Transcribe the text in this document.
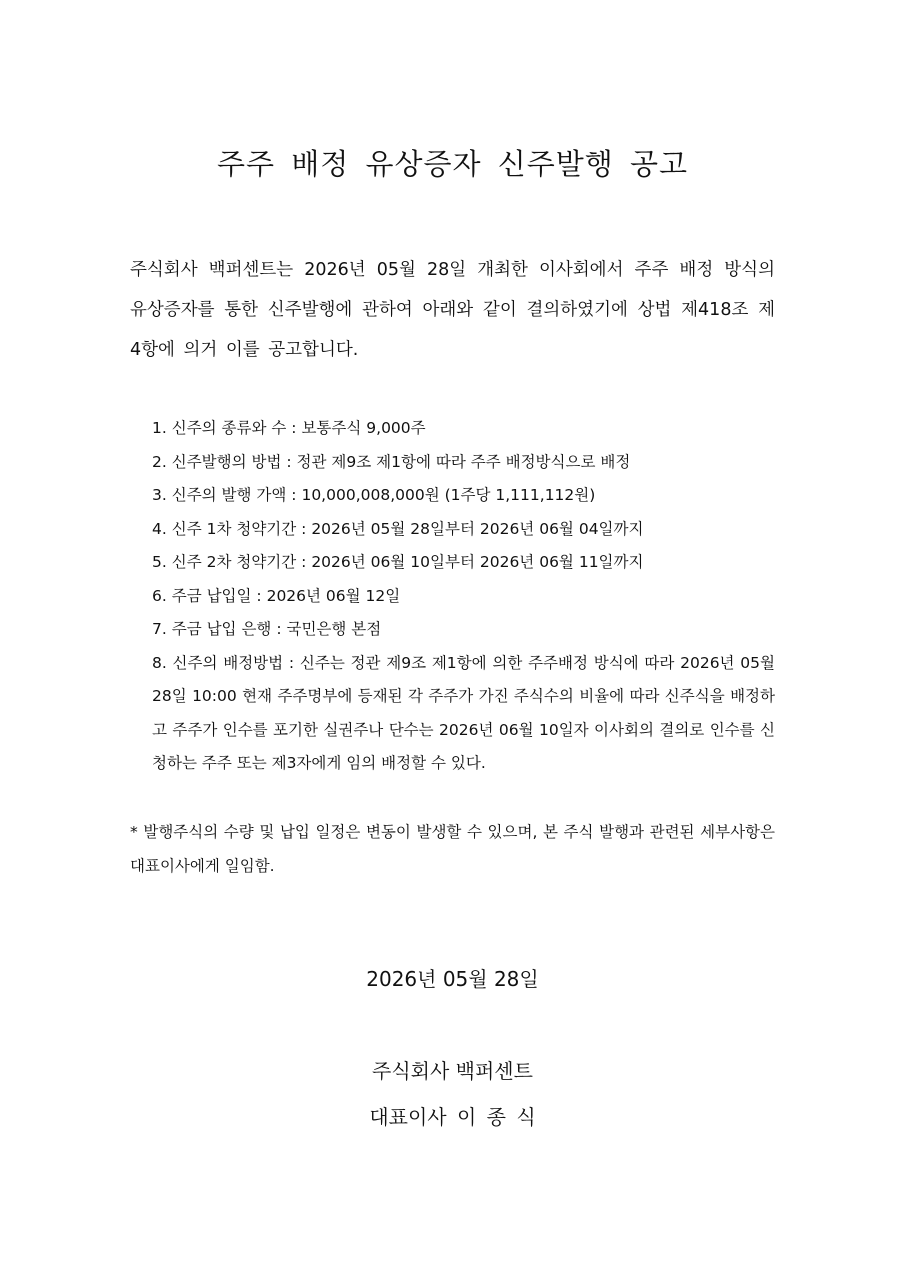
주주 배정 유상증자 신주발행 공고

주식회사 백퍼센트는 2026년 05월 28일 개최한 이사회에서 주주 배정 방식의 유상증자를 통한 신주발행에 관하여 아래와 같이 결의하였기에 상법 제418조 제4항에 의거 이를 공고합니다.

1. 신주의 종류와 수 : 보통주식 9,000주
2. 신주발행의 방법 : 정관 제9조 제1항에 따라 주주 배정방식으로 배정
3. 신주의 발행 가액 : 10,000,008,000원 (1주당 1,111,112원)
4. 신주 1차 청약기간 : 2026년 05월 28일부터 2026년 06월 04일까지
5. 신주 2차 청약기간 : 2026년 06월 10일부터 2026년 06월 11일까지
6. 주금 납입일 : 2026년 06월 12일
7. 주금 납입 은행 : 국민은행 본점
8. 신주의 배정방법 : 신주는 정관 제9조 제1항에 의한 주주배정 방식에 따라 2026년 05월 28일 10:00 현재 주주명부에 등재된 각 주주가 가진 주식수의 비율에 따라 신주식을 배정하고 주주가 인수를 포기한 실권주나 단수는 2026년 06월 10일자 이사회의 결의로 인수를 신청하는 주주 또는 제3자에게 임의 배정할 수 있다.

* 발행주식의 수량 및 납입 일정은 변동이 발생할 수 있으며, 본 주식 발행과 관련된 세부사항은 대표이사에게 일임함.

2026년 05월 28일
주식회사 백퍼센트
대표이사 이 종 식
